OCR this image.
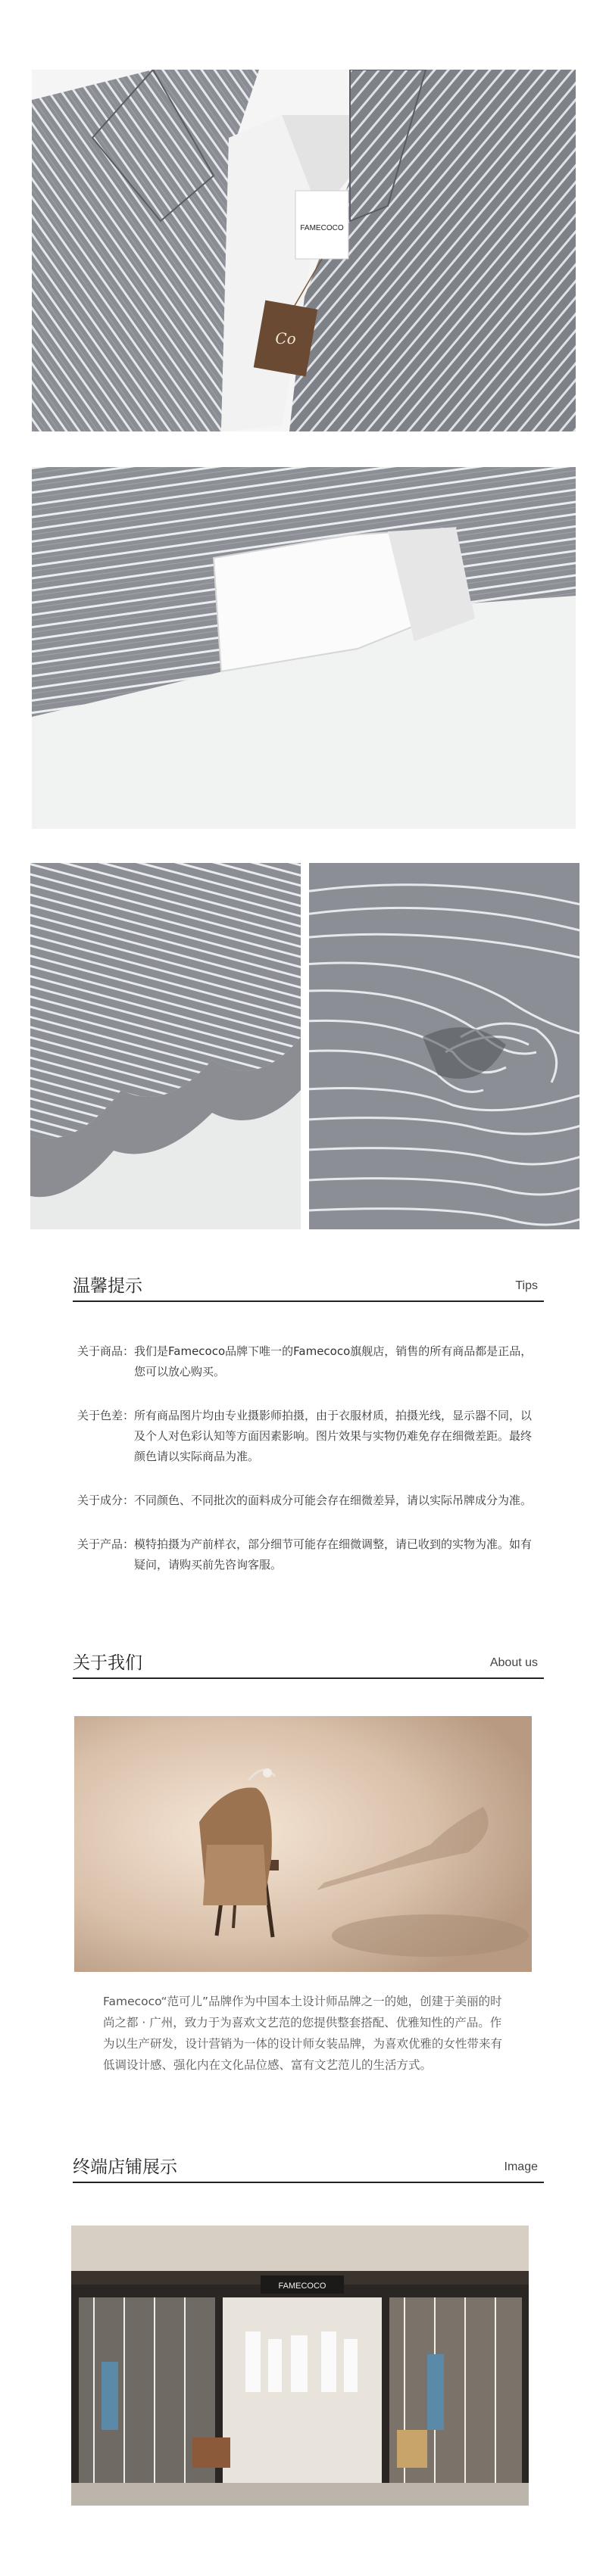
FAMECOCO
Co
温馨提示	Tips
关于商品： 我们是Famecoco品牌下唯一的Famecoco旗舰店，销售的所有商品都是正品，您可以放心购买。
关于色差： 所有商品图片均由专业摄影师拍摄，由于衣服材质，拍摄光线，显示器不同，以及个人对色彩认知等方面因素影响。图片效果与实物仍难免存在细微差距。最终颜色请以实际商品为准。
关于成分： 不同颜色、不同批次的面料成分可能会存在细微差异，请以实际吊牌成分为准。
关于产品： 模特拍摄为产前样衣，部分细节可能存在细微调整，请已收到的实物为准。如有疑问，请购买前先咨询客服。
关于我们	About us
Famecoco“范可儿”品牌作为中国本土设计师品牌之一的她，创建于美丽的时尚之都 · 广州，致力于为喜欢文艺范的您提供整套搭配、优雅知性的产品。作为以生产研发，设计营销为一体的设计师女装品牌，为喜欢优雅的女性带来有低调设计感、强化内在文化品位感、富有文艺范儿的生活方式。
终端店铺展示	Image
FAMECOCO
